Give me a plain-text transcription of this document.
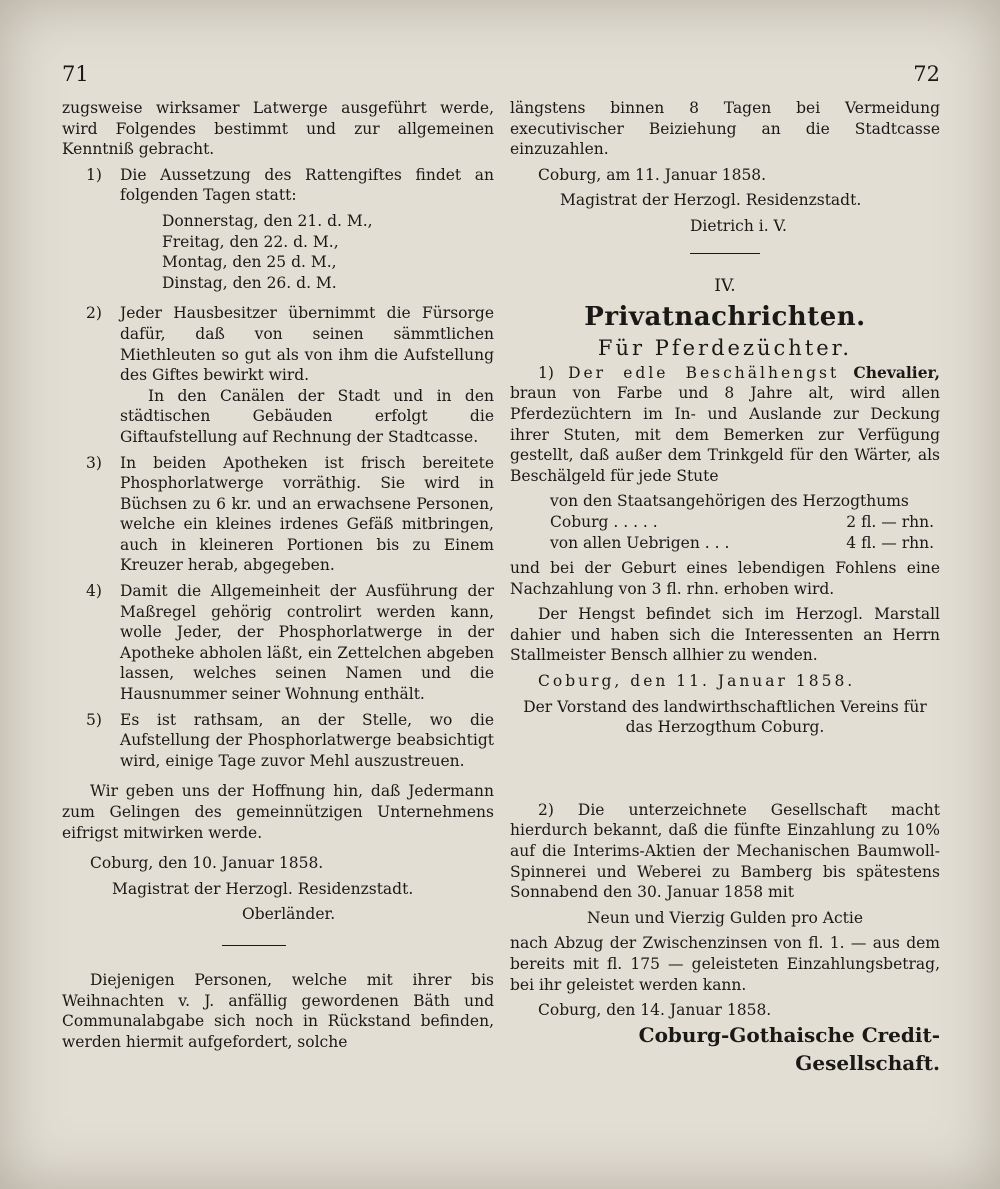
71	72

zugsweise wirksamer Latwerge ausgeführt werde, wird Folgendes bestimmt und zur allgemeinen Kenntniß gebracht.

1) Die Aussetzung des Rattengiftes findet an folgenden Tagen statt:

Donnerstag, den 21. d. M.,
Freitag, den 22. d. M.,
Montag, den 25 d. M.,
Dinstag, den 26. d. M.
2) Jeder Hausbesitzer übernimmt die Fürsorge dafür, daß von seinen sämmtlichen Miethleuten so gut als von ihm die Aufstellung des Giftes bewirkt wird.

In den Canälen der Stadt und in den städtischen Gebäuden erfolgt die Giftaufstellung auf Rechnung der Stadtcasse.

3) In beiden Apotheken ist frisch bereitete Phosphorlatwerge vorräthig. Sie wird in Büchsen zu 6 kr. und an erwachsene Personen, welche ein kleines irdenes Gefäß mitbringen, auch in kleineren Portionen bis zu Einem Kreuzer herab, abgegeben.

4) Damit die Allgemeinheit der Ausführung der Maßregel gehörig controlirt werden kann, wolle Jeder, der Phosphorlatwerge in der Apotheke abholen läßt, ein Zettelchen abgeben lassen, welches seinen Namen und die Hausnummer seiner Wohnung enthält.

5) Es ist rathsam, an der Stelle, wo die Aufstellung der Phosphorlatwerge beabsichtigt wird, einige Tage zuvor Mehl auszustreuen.

Wir geben uns der Hoffnung hin, daß Jedermann zum Gelingen des gemeinnützigen Unternehmens eifrigst mitwirken werde.

Coburg, den 10. Januar 1858.

Magistrat der Herzogl. Residenzstadt.

Oberländer.

Diejenigen Personen, welche mit ihrer bis Weihnachten v. J. anfällig gewordenen Bäth und Communalabgabe sich noch in Rückstand befinden, werden hiermit aufgefordert, solche

längstens binnen 8 Tagen bei Vermeidung executivischer Beiziehung an die Stadtcasse einzuzahlen.

Coburg, am 11. Januar 1858.

Magistrat der Herzogl. Residenzstadt.

Dietrich i. V.

IV.
Privatnachrichten.
Für Pferdezüchter.

1) Der edle Beschälhengst Chevalier, braun von Farbe und 8 Jahre alt, wird allen Pferdezüchtern im In- und Auslande zur Deckung ihrer Stuten, mit dem Bemerken zur Verfügung gestellt, daß außer dem Trinkgeld für den Wärter, als Beschälgeld für jede Stute

von den Staatsangehörigen des Herzogthums

Coburg . . . . .	2 fl. — rhn.
von allen Uebrigen . . .	4 fl. — rhn.

und bei der Geburt eines lebendigen Fohlens eine Nachzahlung von 3 fl. rhn. erhoben wird.

Der Hengst befindet sich im Herzogl. Marstall dahier und haben sich die Interessenten an Herrn Stallmeister Bensch allhier zu wenden.

Coburg, den 11. Januar 1858.

Der Vorstand des landwirthschaftlichen Vereins für das Herzogthum Coburg.

2) Die unterzeichnete Gesellschaft macht hierdurch bekannt, daß die fünfte Einzahlung zu 10% auf die Interims-Aktien der Mechanischen Baumwoll-Spinnerei und Weberei zu Bamberg bis spätestens Sonnabend den 30. Januar 1858 mit

Neun und Vierzig Gulden pro Actie

nach Abzug der Zwischenzinsen von fl. 1. — aus dem bereits mit fl. 175 — geleisteten Einzahlungsbetrag, bei ihr geleistet werden kann.

Coburg, den 14. Januar 1858.

Coburg-Gothaische Credit-Gesellschaft.
